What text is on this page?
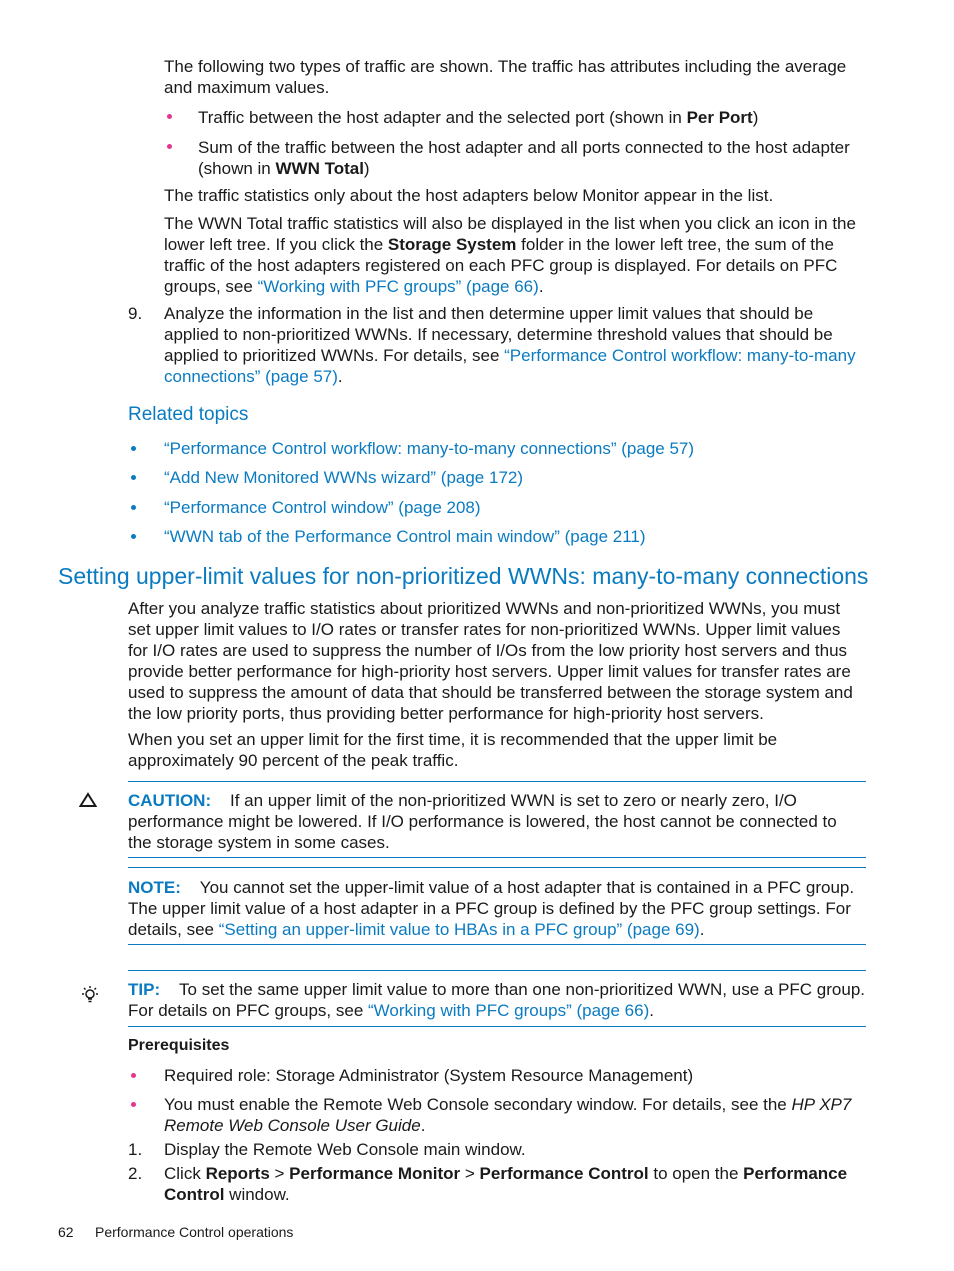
The following two types of traffic are shown. The traffic has attributes including the average and maximum values.

Traffic between the host adapter and the selected port (shown in Per Port)

Sum of the traffic between the host adapter and all ports connected to the host adapter (shown in WWN Total)

The traffic statistics only about the host adapters below Monitor appear in the list.

The WWN Total traffic statistics will also be displayed in the list when you click an icon in the lower left tree. If you click the Storage System folder in the lower left tree, the sum of the traffic of the host adapters registered on each PFC group is displayed. For details on PFC groups, see “Working with PFC groups” (page 66).

9. Analyze the information in the list and then determine upper limit values that should be applied to non-prioritized WWNs. If necessary, determine threshold values that should be applied to prioritized WWNs. For details, see “Performance Control workflow: many-to-many connections” (page 57).

Related topics
“Performance Control workflow: many-to-many connections” (page 57)
“Add New Monitored WWNs wizard” (page 172)
“Performance Control window” (page 208)
“WWN tab of the Performance Control main window” (page 211)
Setting upper-limit values for non-prioritized WWNs: many-to-many connections

After you analyze traffic statistics about prioritized WWNs and non-prioritized WWNs, you must set upper limit values to I/O rates or transfer rates for non-prioritized WWNs. Upper limit values for I/O rates are used to suppress the number of I/Os from the low priority host servers and thus provide better performance for high-priority host servers. Upper limit values for transfer rates are used to suppress the amount of data that should be transferred between the storage system and the low priority ports, thus providing better performance for high-priority host servers.

When you set an upper limit for the first time, it is recommended that the upper limit be approximately 90 percent of the peak traffic.

CAUTION: If an upper limit of the non-prioritized WWN is set to zero or nearly zero, I/O performance might be lowered. If I/O performance is lowered, the host cannot be connected to the storage system in some cases.

NOTE: You cannot set the upper-limit value of a host adapter that is contained in a PFC group. The upper limit value of a host adapter in a PFC group is defined by the PFC group settings. For details, see “Setting an upper-limit value to HBAs in a PFC group” (page 69).

TIP: To set the same upper limit value to more than one non-prioritized WWN, use a PFC group. For details on PFC groups, see “Working with PFC groups” (page 66).

Prerequisites

Required role: Storage Administrator (System Resource Management)

You must enable the Remote Web Console secondary window. For details, see the HP XP7 Remote Web Console User Guide.

1. Display the Remote Web Console main window.

2. Click Reports > Performance Monitor > Performance Control to open the Performance Control window.

62 Performance Control operations
